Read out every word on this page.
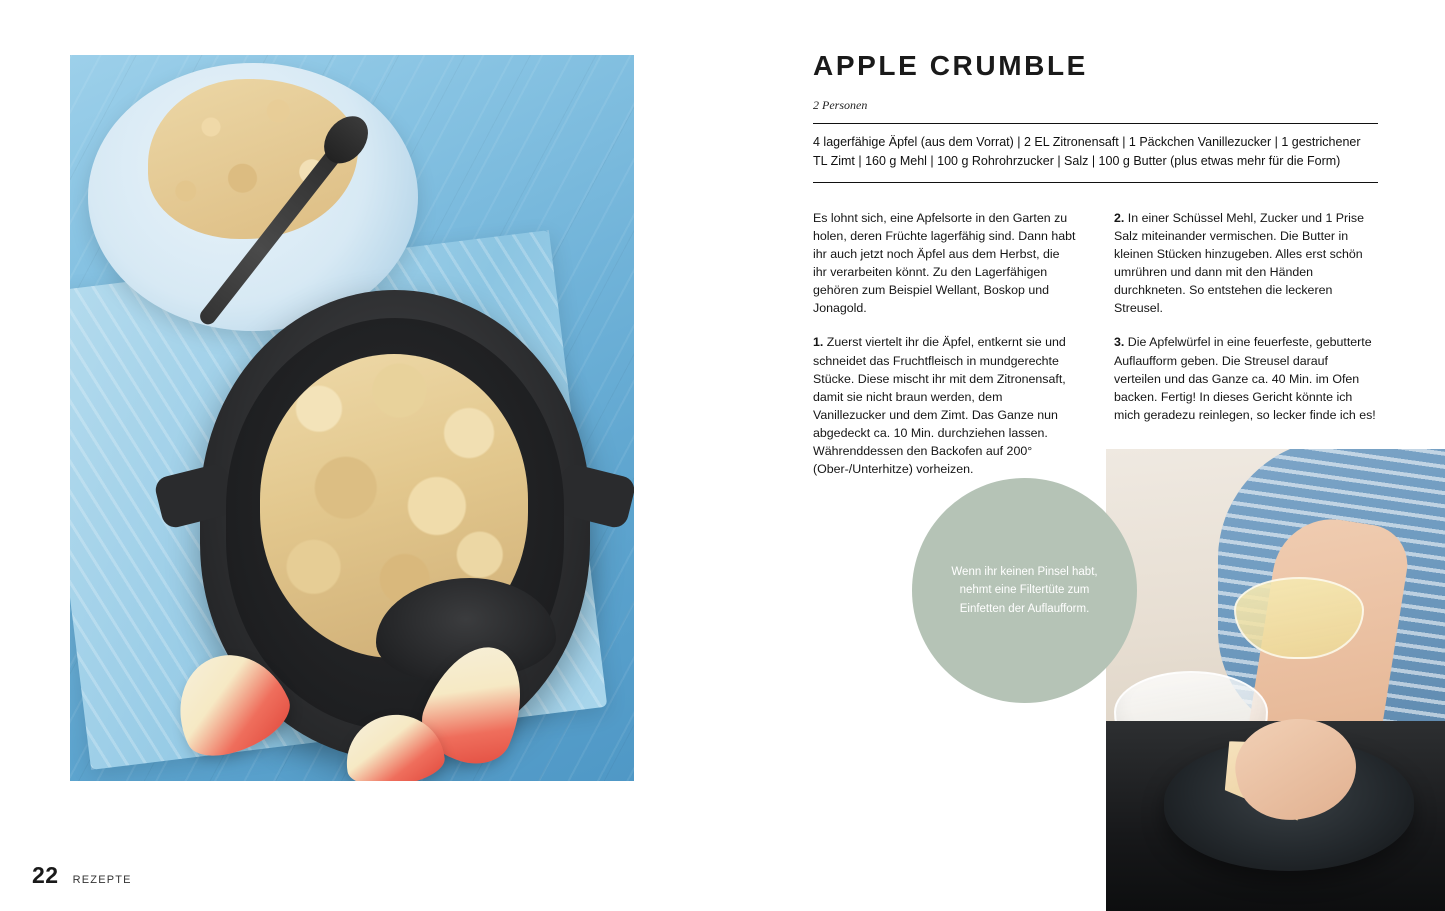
22 REZEPTE
APPLE CRUMBLE

2 Personen

4 lagerfähige Äpfel (aus dem Vorrat) | 2 EL Zitronensaft | 1 Päckchen Vanillezucker | 1 gestrichener TL Zimt | 160 g Mehl | 100 g Rohrohrzucker | Salz | 100 g Butter (plus etwas mehr für die Form)

Es lohnt sich, eine Apfelsorte in den Garten zu holen, deren Früchte lagerfähig sind. Dann habt ihr auch jetzt noch Äpfel aus dem Herbst, die ihr verarbeiten könnt. Zu den Lagerfähigen gehören zum Beispiel Wellant, Boskop und Jonagold.

1. Zuerst viertelt ihr die Äpfel, entkernt sie und schneidet das Fruchtfleisch in mundgerechte Stücke. Diese mischt ihr mit dem Zitronensaft, damit sie nicht braun werden, dem Vanillezucker und dem Zimt. Das Ganze nun abgedeckt ca. 10 Min. durchziehen lassen. Währenddessen den Backofen auf 200° (Ober-/Unterhitze) vorheizen.

2. In einer Schüssel Mehl, Zucker und 1 Prise Salz miteinander vermischen. Die Butter in kleinen Stücken hinzugeben. Alles erst schön umrühren und dann mit den Händen durchkneten. So entstehen die leckeren Streusel.

3. Die Apfelwürfel in eine feuerfeste, gebutterte Auflaufform geben. Die Streusel darauf verteilen und das Ganze ca. 40 Min. im Ofen backen. Fertig! In dieses Gericht könnte ich mich geradezu reinlegen, so lecker finde ich es!

Wenn ihr keinen Pinsel habt, nehmt eine Filtertüte zum Einfetten der Auflaufform.
